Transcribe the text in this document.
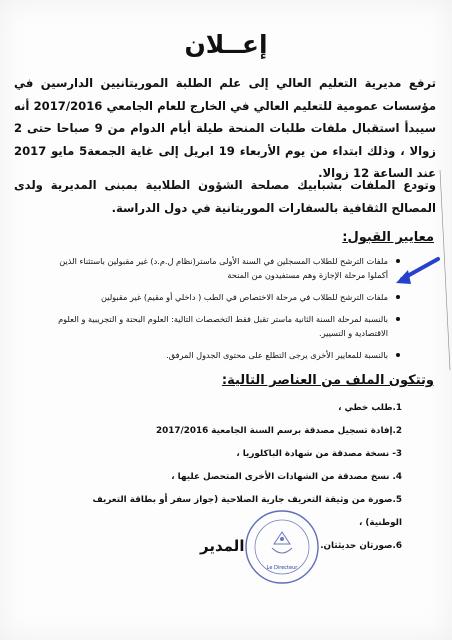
إعــلان
ترفع مديرية التعليم العالي إلى علم الطلبة الموريتانيين الدارسين في مؤسسات عمومية للتعليم العالي في الخارج للعام الجامعي 2017/2016 أنه سيبدأ استقبال ملفات طلبات المنحة طيلة أيام الدوام من 9 صباحا حتى 2 زوالا ، وذلك ابتداء من يوم الأربعاء 19 ابريل إلى غاية الجمعة5 مايو 2017 عند الساعة 12 زوالا.
وتودع الملفات بشبابيك مصلحة الشؤون الطلابية بمبنى المديرية ولدى المصالح الثقافية بالسفارات الموريتانية في دول الدراسة.
معايير القبول:
ملفات الترشح للطلاب المسجلين في السنة الأولى ماستر(نظام ل.م.د) غير مقبولين باستثناء الذين أكملوا مرحلة الإجازة وهم مستفيدون من المنحة
ملفات الترشح للطلاب في مرحلة الاختصاص في الطب ( داخلي أو مقيم) غير مقبولين
بالنسبة لمرحلة السنة الثانية ماستر تقبل فقط التخصصات التالية: العلوم البحتة و التجريبية و العلوم الاقتصادية و التسيير.
بالنسبة للمعايير الأخرى يرجى التطلع على محتوى الجدول المرفق.
وتتكون الملف من العناصر التالية:
1.طلب خطي ،
2.إفادة تسجيل مصدقة برسم السنة الجامعية 2017/2016
3- نسخة مصدقة من شهادة الباكلوريا ،
4. نسخ مصدقة من الشهادات الأخرى المتحصل عليها ،
5.صورة من وثيقة التعريف جارية الصلاحية (جواز سفر أو بطاقة التعريف الوطنية) ،
6.صورتان حديثتان.
Le Directeur
المدير
